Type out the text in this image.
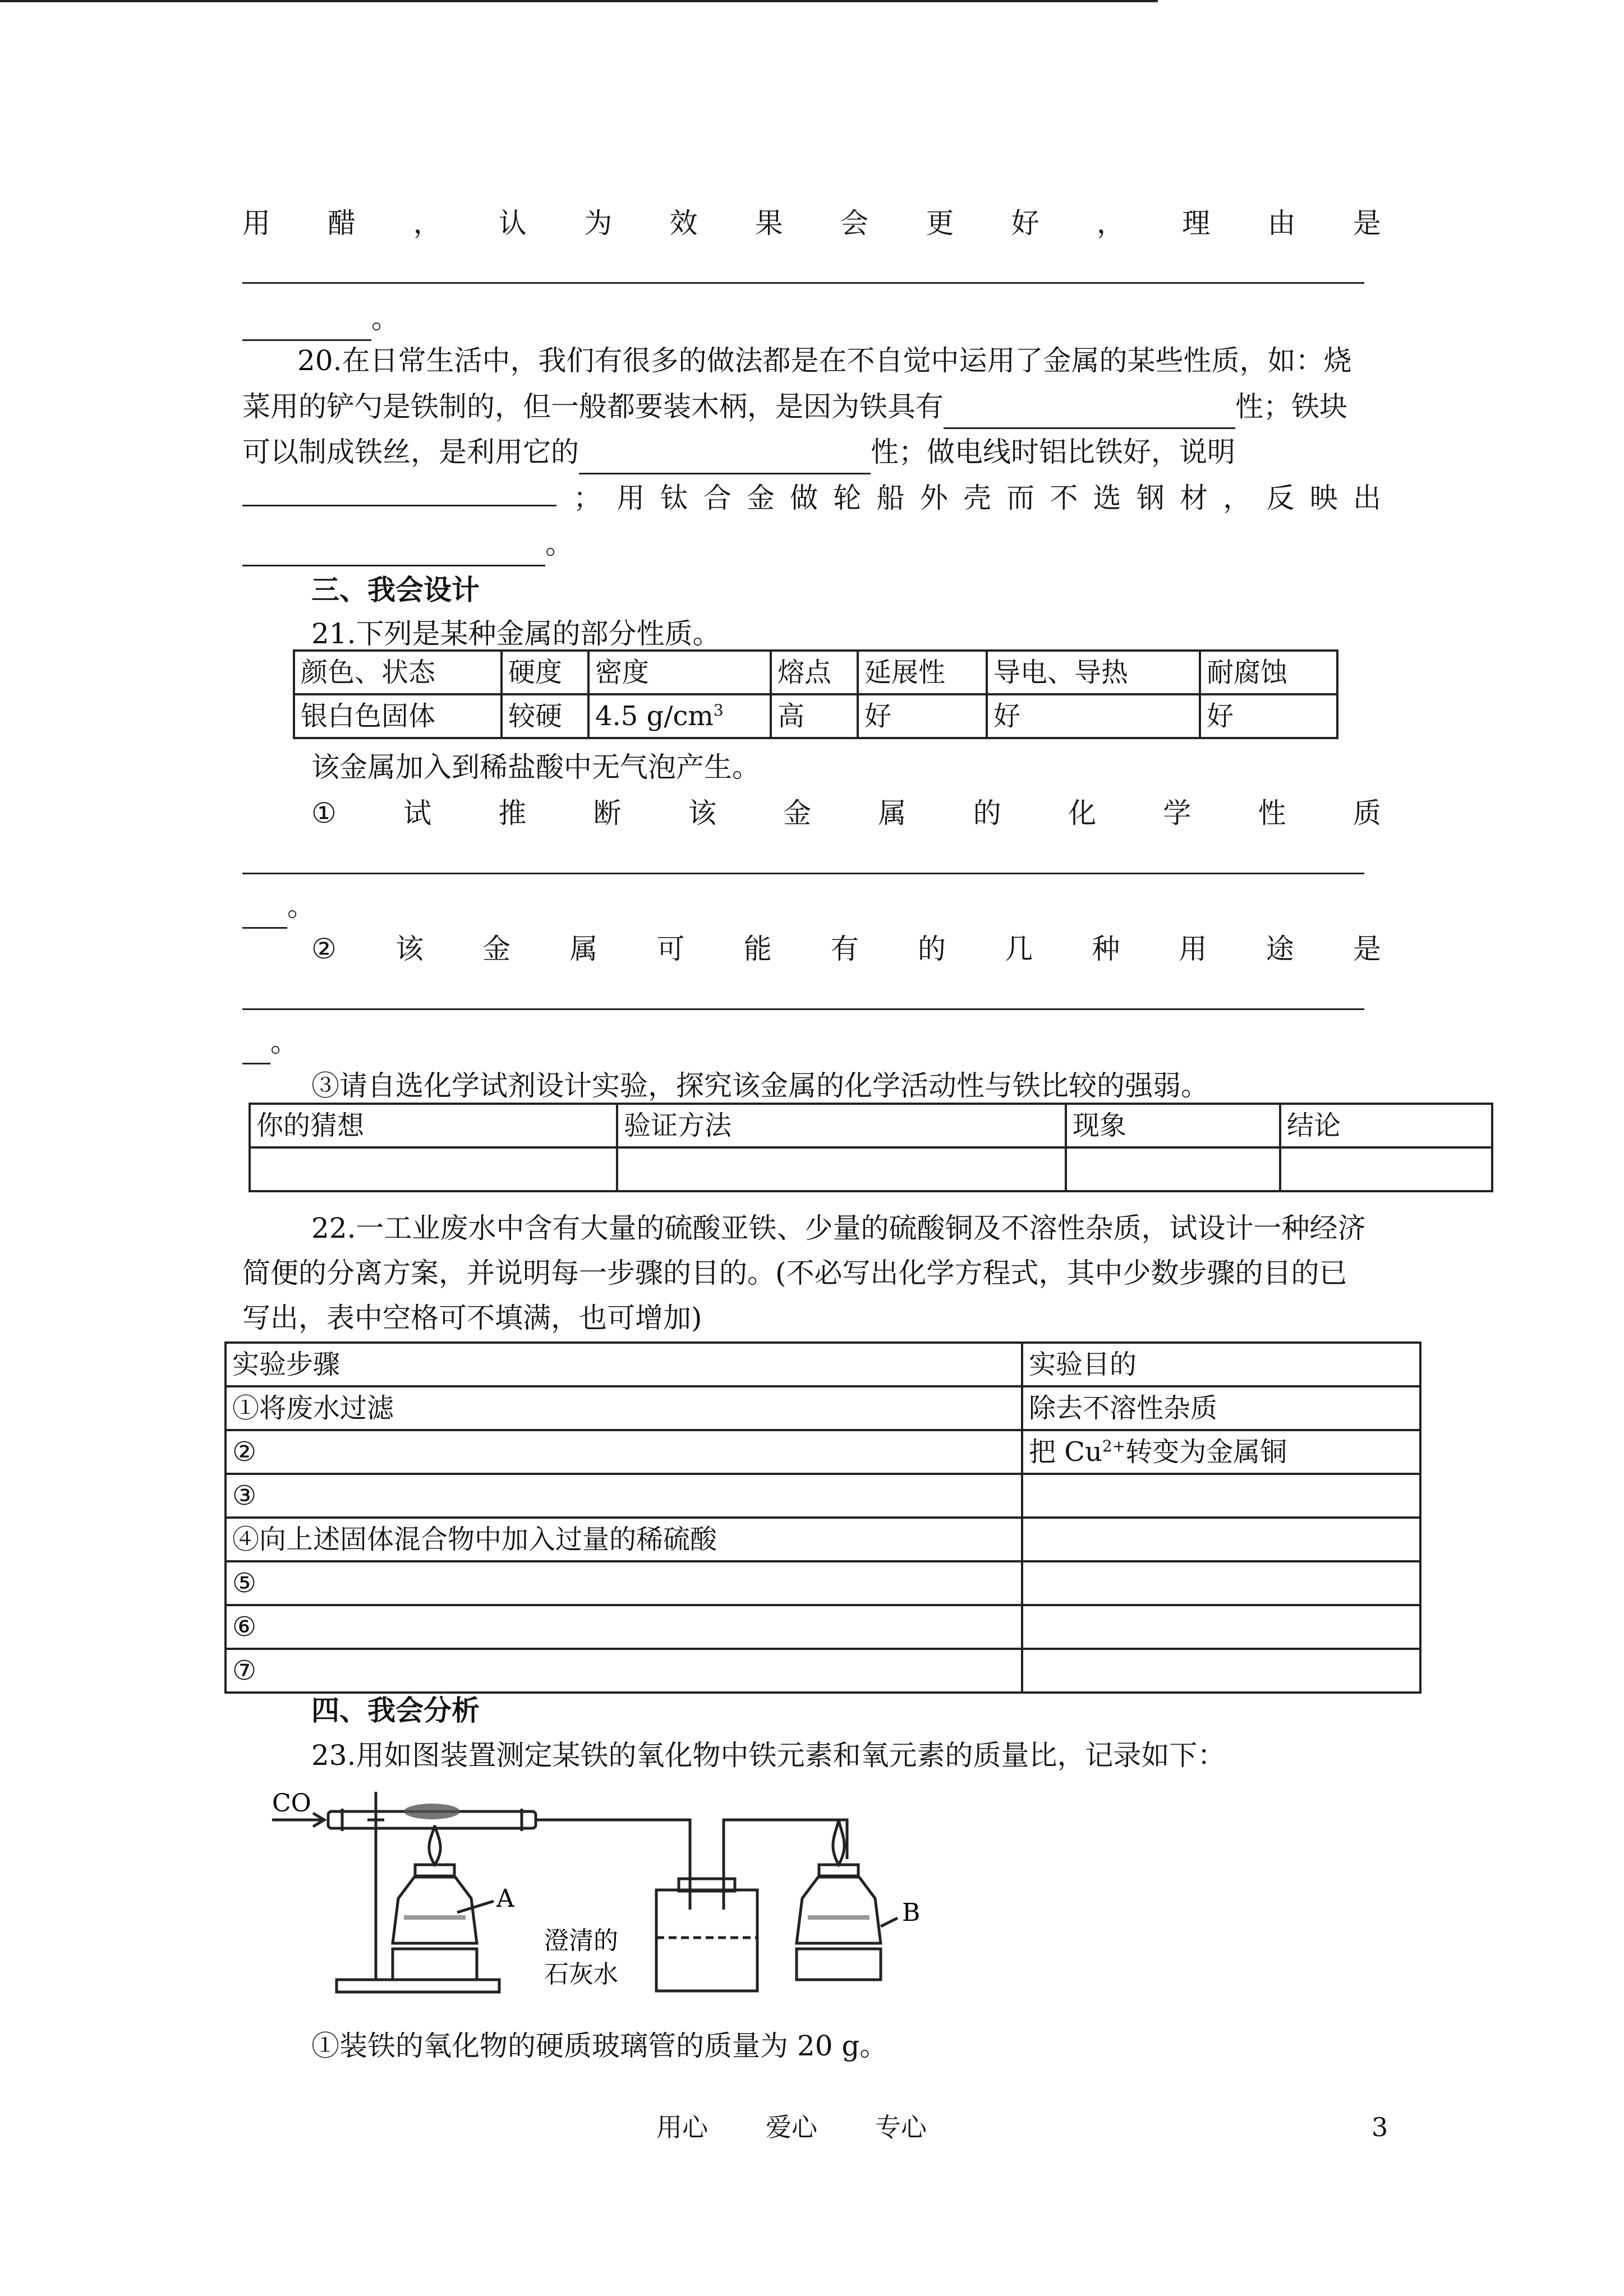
用 醋 ， 认 为 效 果 会 更 好 ， 理 由 是
。
20.在日常生活中，我们有很多的做法都是在不自觉中运用了金属的某些性质，如：烧
菜用的铲勺是铁制的，但一般都要装木柄，是因为铁具有	性；铁块
可以制成铁丝，是利用它的	性；做电线时铝比铁好，说明
； 用 钛 合 金 做 轮 船 外 壳 而 不 选 钢 材 ， 反 映 出
。
三、我会设计
21.下列是某种金属的部分性质。
颜色、状态	硬度	密度	熔点	延展性	导电、导热	耐腐蚀
银白色固体	较硬	4.5 $g/cm^3$	高	好	好	好
该金属加入到稀盐酸中无气泡产生。
① 试 推 断 该 金 属 的 化 学 性 质
。
② 该 金 属 可 能 有 的 几 种 用 途 是
。
③请自选化学试剂设计实验，探究该金属的化学活动性与铁比较的强弱。
你的猜想	验证方法	现象	结论

22.一工业废水中含有大量的硫酸亚铁、少量的硫酸铜及不溶性杂质，试设计一种经济
简便的分离方案，并说明每一步骤的目的。(不必写出化学方程式，其中少数步骤的目的已
写出，表中空格可不填满，也可增加)
实验步骤	实验目的
①将废水过滤	除去不溶性杂质
②	把 $Cu^{2+}$转变为金属铜
③	
④向上述固体混合物中加入过量的稀硫酸	
⑤	
⑥	
⑦	
四、我会分析
23.用如图装置测定某铁的氧化物中铁元素和氧元素的质量比，记录如下：
CO
A	B
澄清的
石灰水
①装铁的氧化物的硬质玻璃管的质量为 20 g。
用心 爱心 专心	3
